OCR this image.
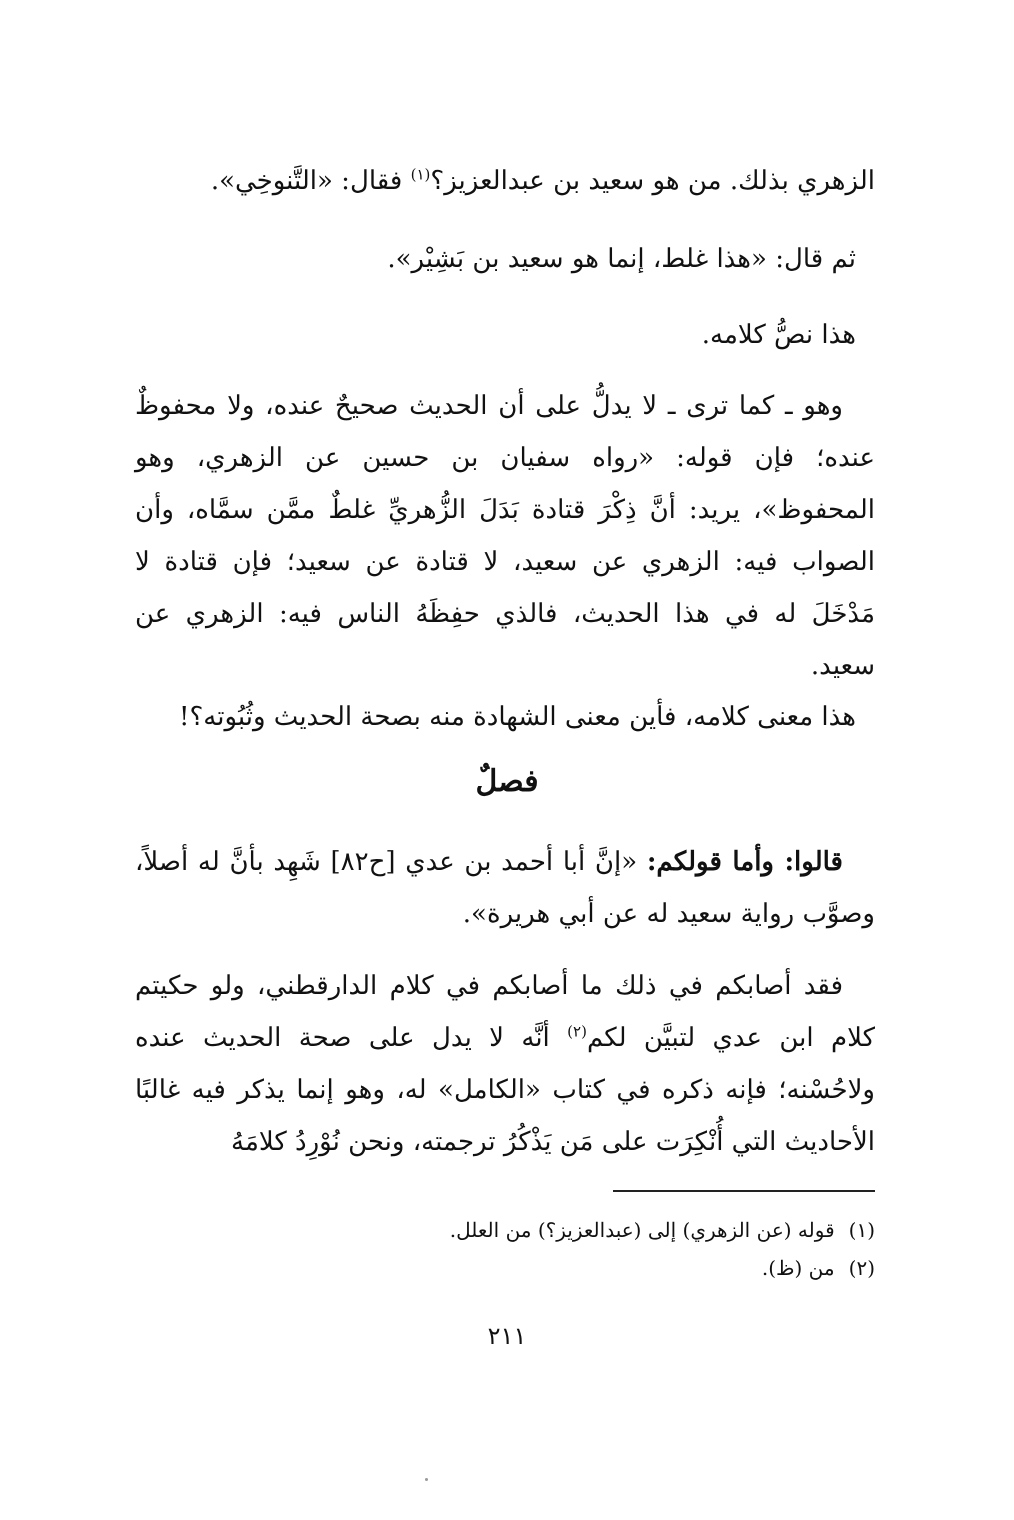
الزهري بذلك. من هو سعيد بن عبدالعزيز؟$^{(١)}$ فقال: «التَّنوخِي».
ثم قال: «هذا غلط، إنما هو سعيد بن بَشِيْر».
هذا نصُّ كلامه.
وهو ـ كما ترى ـ لا يدلُّ على أن الحديث صحيحٌ عنده، ولا محفوظٌ عنده؛ فإن قوله: «رواه سفيان بن حسين عن الزهري، وهو المحفوظ»، يريد: أنَّ ذِكْرَ قتادة بَدَلَ الزُّهريِّ غلطٌ ممَّن سمَّاه، وأن الصواب فيه: الزهري عن سعيد، لا قتادة عن سعيد؛ فإن قتادة لا مَدْخَلَ له في هذا الحديث، فالذي حفِظَهُ الناس فيه: الزهري عن سعيد.
هذا معنى كلامه، فأين معنى الشهادة منه بصحة الحديث وثُبُوته؟!
فصلٌ
قالوا: وأما قولكم: «إنَّ أبا أحمد بن عدي [ح٨٢] شَهِد بأنَّ له أصلاً، وصوَّب رواية سعيد له عن أبي هريرة».
فقد أصابكم في ذلك ما أصابكم في كلام الدارقطني، ولو حكيتم كلام ابن عدي لتبيَّن لكم$^{(٢)}$ أنَّه لا يدل على صحة الحديث عنده ولاحُسْنه؛ فإنه ذكره في كتاب «الكامل» له، وهو إنما يذكر فيه غالبًا الأحاديث التي أُنْكِرَت على مَن يَذْكُرُ ترجمته، ونحن نُوْرِدُ كلامَهُ
(١)قوله (عن الزهري) إلى (عبدالعزيز؟) من العلل.
(٢)من (ظ).
٢١١
